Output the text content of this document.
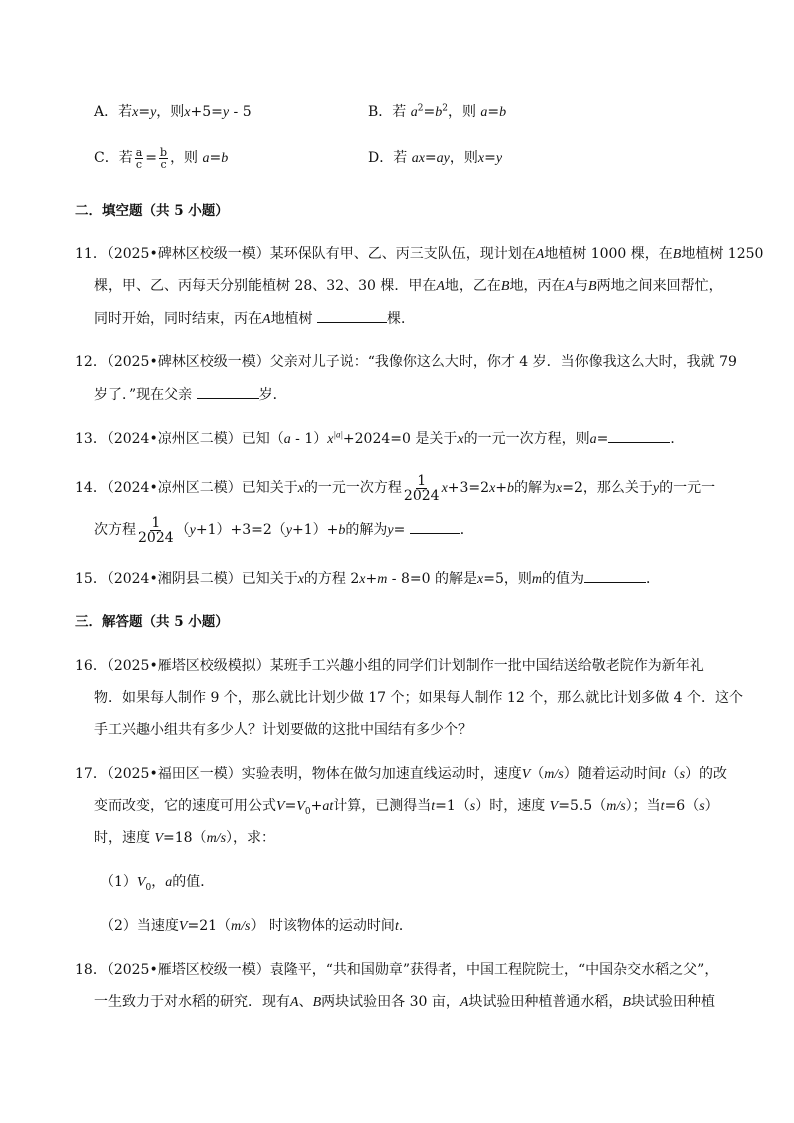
A．若x=y，则x+5=y - 5	B．若 $a^2=b^2$，则 a=b
C．若 $\frac{a}{c} = \frac{b}{c}$ ，则 a=b	D．若 ax=ay，则x=y
二．填空题（共 5 小题）
11．（2025•碑林区校级一模）某环保队有甲、乙、丙三支队伍，现计划在A地植树 1000 棵，在B地植树 1250
棵，甲、乙、丙每天分别能植树 28、32、30 棵．甲在A地，乙在B地，丙在A与B两地之间来回帮忙，
同时开始，同时结束，丙在A地植树	棵．
12．（2025•碑林区校级一模）父亲对儿子说：“我像你这么大时，你才 4 岁．当你像我这么大时，我就 79
岁了．”现在父亲	岁．
13．（2024•凉州区二模）已知$(a - 1)x^{|a|}+2024=0$ 是关于x的一元一次方程，则a=	．
14．（2024•凉州区二模）已知关于x的一元一次方程 $\frac{1}{2024} x+3=2x+b$的解为x=2，那么关于y的一元一
次方程 $\frac{1}{2024} (y+1)+3=2(y+1)+b$的解为y=	．
15．（2024•湘阴县二模）已知关于x的方程 2x+m - 8=0 的解是x=5，则m的值为	．
三．解答题（共 5 小题）
16．（2025•雁塔区校级模拟）某班手工兴趣小组的同学们计划制作一批中国结送给敬老院作为新年礼
物．如果每人制作 9 个，那么就比计划少做 17 个；如果每人制作 12 个，那么就比计划多做 4 个．这个
手工兴趣小组共有多少人？计划要做的这批中国结有多少个？
17．（2025•福田区一模）实验表明，物体在做匀加速直线运动时，速度V（m/s）随着运动时间t（s）的改
变而改变，它的速度可用公式$V=V_0+at$计算，已测得当t=1（s）时，速度 V=5.5（m/s）；当t=6（s）
时，速度 V=18（m/s），求：
$(1)V_0$，a的值．
（2）当速度V=21（m/s） 时该物体的运动时间t．
18．（2025•雁塔区校级一模）袁隆平，“共和国勋章”获得者，中国工程院院士，“中国杂交水稻之父”，
一生致力于对水稻的研究．现有A、B两块试验田各 30 亩，A块试验田种植普通水稻，B块试验田种植
